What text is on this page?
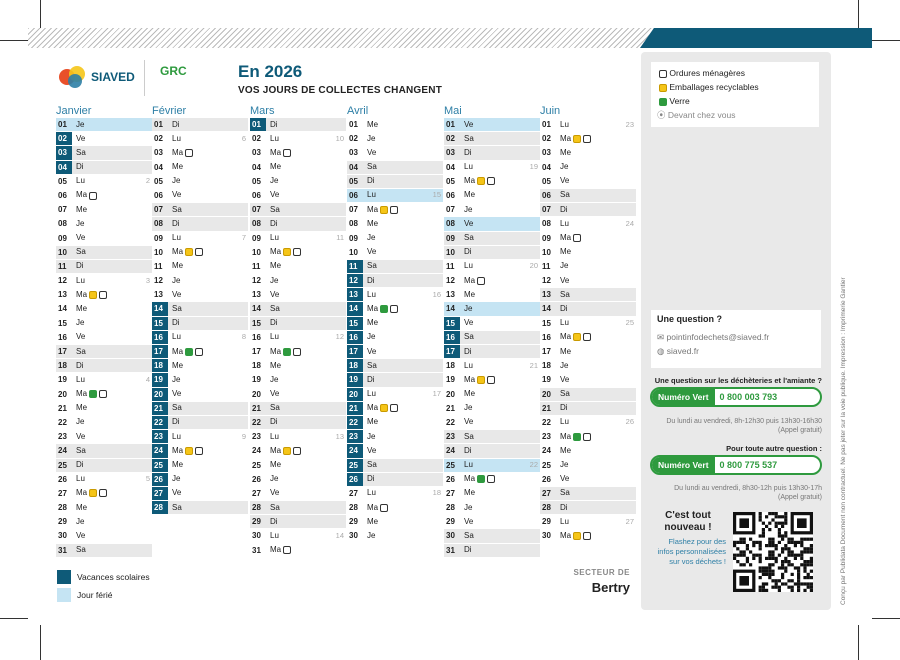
SIAVED GRC	En 2026
VOS JOURS DE COLLECTES CHANGENT
Janvier
01	Je
02	Ve
03	Sa
04	Di
05	Lu	2
06	Ma
07	Me
08	Je
09	Ve
10	Sa
11	Di
12	Lu	3
13	Ma
14	Me
15	Je
16	Ve
17	Sa
18	Di
19	Lu	4
20	Ma
21	Me
22	Je
23	Ve
24	Sa
25	Di
26	Lu	5
27	Ma
28	Me
29	Je
30	Ve
31	Sa
Février
01	Di
02	Lu	6
03	Ma
04	Me
05	Je
06	Ve
07	Sa
08	Di
09	Lu	7
10	Ma
11	Me
12	Je
13	Ve
14	Sa
15	Di
16	Lu	8
17	Ma
18	Me
19	Je
20	Ve
21	Sa
22	Di
23	Lu	9
24	Ma
25	Me
26	Je
27	Ve
28	Sa
Mars
01	Di
02	Lu	10
03	Ma
04	Me
05	Je
06	Ve
07	Sa
08	Di
09	Lu	11
10	Ma
11	Me
12	Je
13	Ve
14	Sa
15	Di
16	Lu	12
17	Ma
18	Me
19	Je
20	Ve
21	Sa
22	Di
23	Lu	13
24	Ma
25	Me
26	Je
27	Ve
28	Sa
29	Di
30	Lu	14
31	Ma
Avril
01	Me
02	Je
03	Ve
04	Sa
05	Di
06	Lu	15
07	Ma
08	Me
09	Je
10	Ve
11	Sa
12	Di
13	Lu	16
14	Ma
15	Me
16	Je
17	Ve
18	Sa
19	Di
20	Lu	17
21	Ma
22	Me
23	Je
24	Ve
25	Sa
26	Di
27	Lu	18
28	Ma
29	Me
30	Je
Mai
01	Ve
02	Sa
03	Di
04	Lu	19
05	Ma
06	Me
07	Je
08	Ve
09	Sa
10	Di
11	Lu	20
12	Ma
13	Me
14	Je
15	Ve
16	Sa
17	Di
18	Lu	21
19	Ma
20	Me
21	Je
22	Ve
23	Sa
24	Di
25	Lu	22
26	Ma
27	Me
28	Je
29	Ve
30	Sa
31	Di
Juin
01	Lu	23
02	Ma
03	Me
04	Je
05	Ve
06	Sa
07	Di
08	Lu	24
09	Ma
10	Me
11	Je
12	Ve
13	Sa
14	Di
15	Lu	25
16	Ma
17	Me
18	Je
19	Ve
20	Sa
21	Di
22	Lu	26
23	Ma
24	Me
25	Je
26	Ve
27	Sa
28	Di
29	Lu	27
30	Ma
Vacances scolaires
Jour férié
SECTEUR DE
Bertry
Ordures ménagères
Emballages recyclables
Verre
⦿ Devant chez vous
Une question ?
✉ pointinfodechets@siaved.fr
◍ siaved.fr
Une question sur les déchèteries et l'amiante ?
Numéro Vert	0 800 003 793
Du lundi au vendredi, 8h-12h30 puis 13h30-16h30
(Appel gratuit)
Pour toute autre question :
Numéro Vert	0 800 775 537
Du lundi au vendredi, 8h30-12h puis 13h30-17h
(Appel gratuit)
C'est tout nouveau !
Flashez pour des infos personnalisées sur vos déchets !	Conçu par Publidata Document non contractuel. Ne pas jeter sur la voie publique. Impression : Imprimerie Gantier
